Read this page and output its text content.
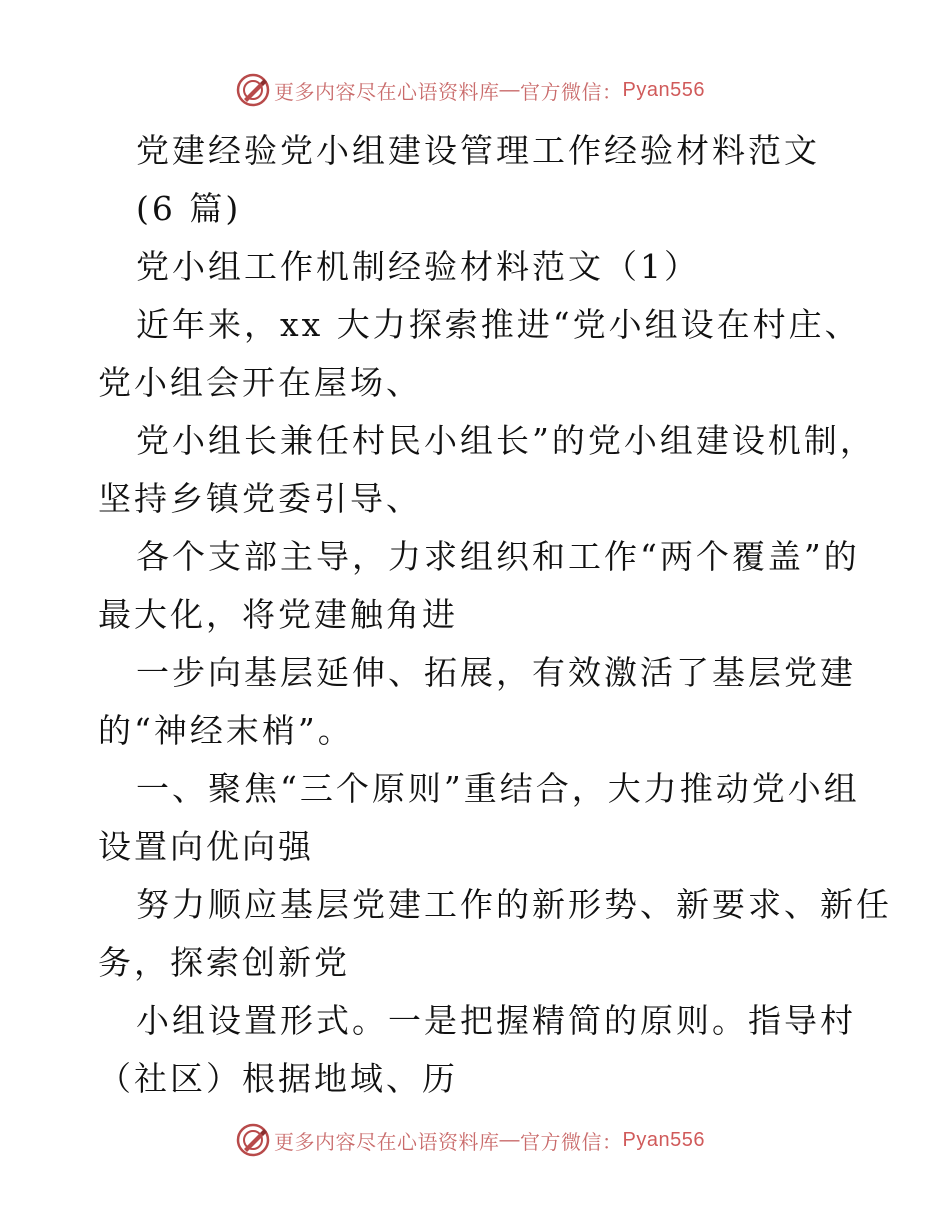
更多内容尽在心语资料库 — 官方微信： Pyan556
党建经验党小组建设管理工作经验材料范文
(6 篇)
党小组工作机制经验材料范文（1）
近年来，xx 大力探索推进“党小组设在村庄、
党小组会开在屋场、
党小组长兼任村民小组长”的党小组建设机制，
坚持乡镇党委引导、
各个支部主导，力求组织和工作“两个覆盖”的
最大化，将党建触角进
一步向基层延伸、拓展，有效激活了基层党建
的“神经末梢”。
一、聚焦“三个原则”重结合，大力推动党小组
设置向优向强
努力顺应基层党建工作的新形势、新要求、新任
务，探索创新党
小组设置形式。一是把握精简的原则。指导村
（社区）根据地域、历
更多内容尽在心语资料库 — 官方微信： Pyan556
